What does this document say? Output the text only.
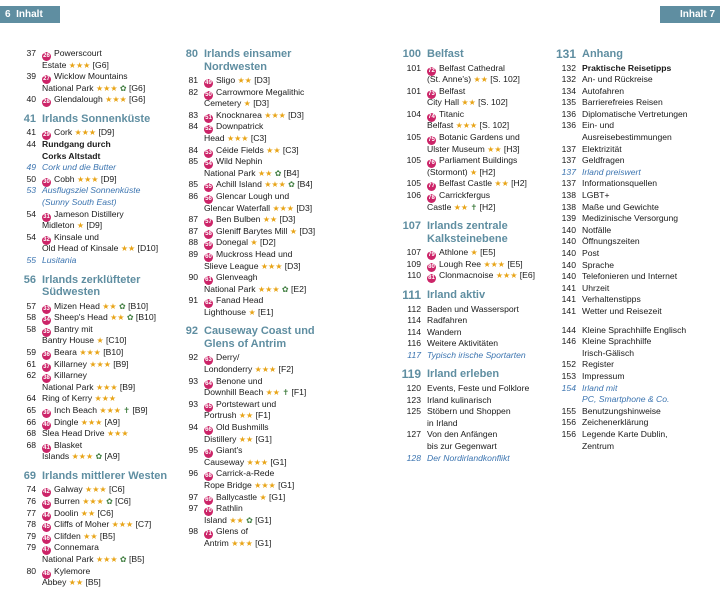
6 Inhalt	Inhalt 7
37 26 Powerscourt
Estate ★★★ [G6]
39 27 Wicklow Mountains
National Park ★★★ ✿ [G6]
40 28 Glendalough ★★★ [G6]
41 Irlands Sonnenküste
41 29 Cork ★★★ [D9]
44 Rundgang durch
Corks Altstadt
49 Cork und die Butter
50 30 Cobh ★★★ [D9]
53 Ausflugsziel Sonnenküste
(Sunny South East)
54 31 Jameson Distillery
Midleton ★ [D9]
54 32 Kinsale und
Old Head of Kinsale ★★ [D10]
55 Lusitania
56 Irlands zerklüfteter
Südwesten
57 33 Mizen Head ★★ ✿ [B10]
58 34 Sheep's Head ★★ ✿ [B10]
58 35 Bantry mit
Bantry House ★ [C10]
59 36 Beara ★★★ [B10]
61 37 Killarney ★★★ [B9]
62 38 Killarney
National Park ★★★ [B9]
64 Ring of Kerry ★★★
65 39 Inch Beach ★★★ ✝ [B9]
66 40 Dingle ★★★ [A9]
68 Slea Head Drive ★★★
68 41 Blasket
Islands ★★★ ✿ [A9]
69 Irlands mittlerer Westen
74 42 Galway ★★★ [C6]
76 43 Burren ★★★ ✿ [C6]
77 44 Doolin ★★ [C6]
78 45 Cliffs of Moher ★★★ [C7]
79 46 Clifden ★★ [B5]
79 47 Connemara
National Park ★★★ ✿ [B5]
80 48 Kylemore
Abbey ★★ [B5]
80 Irlands einsamer
Nordwesten
81 49 Sligo ★★ [D3]
82 50 Carrowmore Megalithic
Cemetery ★ [D3]
83 51 Knocknarea ★★★ [D3]
84 52 Downpatrick
Head ★★★ [C3]
84 53 Céide Fields ★★ [C3]
85 54 Wild Nephin
National Park ★★ ✿ [B4]
85 55 Achill Island ★★★ ✿ [B4]
86 56 Glencar Lough und
Glencar Waterfall ★★★ [D3]
87 57 Ben Bulben ★★ [D3]
87 58 Gleniff Barytes Mill ★ [D3]
88 59 Donegal ★ [D2]
89 60 Muckross Head und
Slieve League ★★★ [D3]
90 61 Glenveagh
National Park ★★★ ✿ [E2]
91 62 Fanad Head
Lighthouse ★ [E1]
92 Causeway Coast und
Glens of Antrim
92 63 Derry/
Londonderry ★★★ [F2]
93 64 Benone und
Downhill Beach ★★ ✝ [F1]
93 65 Portstewart und
Portrush ★★ [F1]
94 66 Old Bushmills
Distillery ★★ [G1]
95 67 Giant's
Causeway ★★★ [G1]
96 68 Carrick-a-Rede
Rope Bridge ★★★ [G1]
97 69 Ballycastle ★ [G1]
97 70 Rathlin
Island ★★ ✿ [G1]
98 71 Glens of
Antrim ★★★ [G1]
100 Belfast
101 72 Belfast Cathedral
(St. Anne's) ★★ [S. 102]
101 73 Belfast
City Hall ★★ [S. 102]
104 74 Titanic
Belfast ★★★ [S. 102]
105 75 Botanic Gardens und
Ulster Museum ★★ [H3]
105 76 Parliament Buildings
(Stormont) ★ [H2]
105 77 Belfast Castle ★★ [H2]
106 78 Carrickfergus
Castle ★★ ✝ [H2]
107 Irlands zentrale
Kalksteinebene
107 79 Athlone ★ [E5]
109 80 Lough Ree ★★★ [E5]
110 81 Clonmacnoise ★★★ [E6]
111 Irland aktiv
112 Baden und Wassersport
114 Radfahren
114 Wandern
116 Weitere Aktivitäten
117 Typisch irische Sportarten
119 Irland erleben
120 Events, Feste und Folklore
123 Irland kulinarisch
125 Stöbern und Shoppen
in Irland
127 Von den Anfängen
bis zur Gegenwart
128 Der Nordirlandkonflikt
131 Anhang
132 Praktische Reisetipps
132 An- und Rückreise
134 Autofahren
135 Barrierefreies Reisen
136 Diplomatische Vertretungen
136 Ein- und
Ausreisebestimmungen
137 Elektrizität
137 Geldfragen
137 Irland preiswert
137 Informationsquellen
138 LGBT+
138 Maße und Gewichte
139 Medizinische Versorgung
140 Notfälle
140 Öffnungszeiten
140 Post
140 Sprache
140 Telefonieren und Internet
141 Uhrzeit
141 Verhaltenstipps
141 Wetter und Reisezeit
144 Kleine Sprachhilfe Englisch
146 Kleine Sprachhilfe
Irisch-Gälisch
152 Register
153 Impressum
154 Irland mit
PC, Smartphone & Co.
155 Benutzungshinweise
156 Zeichenerklärung
156 Legende Karte Dublin,
Zentrum
